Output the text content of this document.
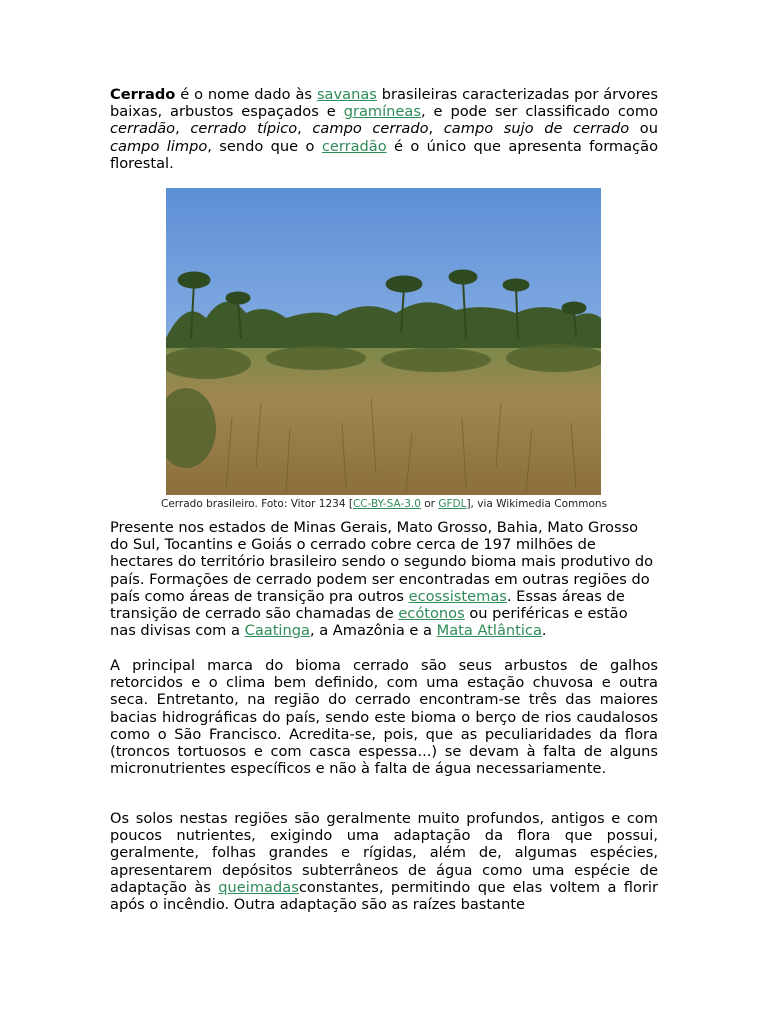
Cerrado é o nome dado às savanas brasileiras caracterizadas por árvores baixas, arbustos espaçados e gramíneas, e pode ser classificado como cerradão, cerrado típico, campo cerrado, campo sujo de cerrado ou campo limpo, sendo que o cerradão é o único que apresenta formação florestal.

Cerrado brasileiro. Foto: Vitor 1234 [CC-BY-SA-3.0 or GFDL], via Wikimedia Commons

Presente nos estados de Minas Gerais, Mato Grosso, Bahia, Mato Grosso do Sul, Tocantins e Goiás o cerrado cobre cerca de 197 milhões de hectares do território brasileiro sendo o segundo bioma mais produtivo do país. Formações de cerrado podem ser encontradas em outras regiões do país como áreas de transição pra outros ecossistemas. Essas áreas de transição de cerrado são chamadas de ecótonos ou periféricas e estão nas divisas com a Caatinga, a Amazônia e a Mata Atlântica.

A principal marca do bioma cerrado são seus arbustos de galhos retorcidos e o clima bem definido, com uma estação chuvosa e outra seca. Entretanto, na região do cerrado encontram-se três das maiores bacias hidrográficas do país, sendo este bioma o berço de rios caudalosos como o São Francisco. Acredita-se, pois, que as peculiaridades da flora (troncos tortuosos e com casca espessa...) se devam à falta de alguns micronutrientes específicos e não à falta de água necessariamente.

Os solos nestas regiões são geralmente muito profundos, antigos e com poucos nutrientes, exigindo uma adaptação da flora que possui, geralmente, folhas grandes e rígidas, além de, algumas espécies, apresentarem depósitos subterrâneos de água como uma espécie de adaptação às queimadasconstantes, permitindo que elas voltem a florir após o incêndio. Outra adaptação são as raízes bastante
